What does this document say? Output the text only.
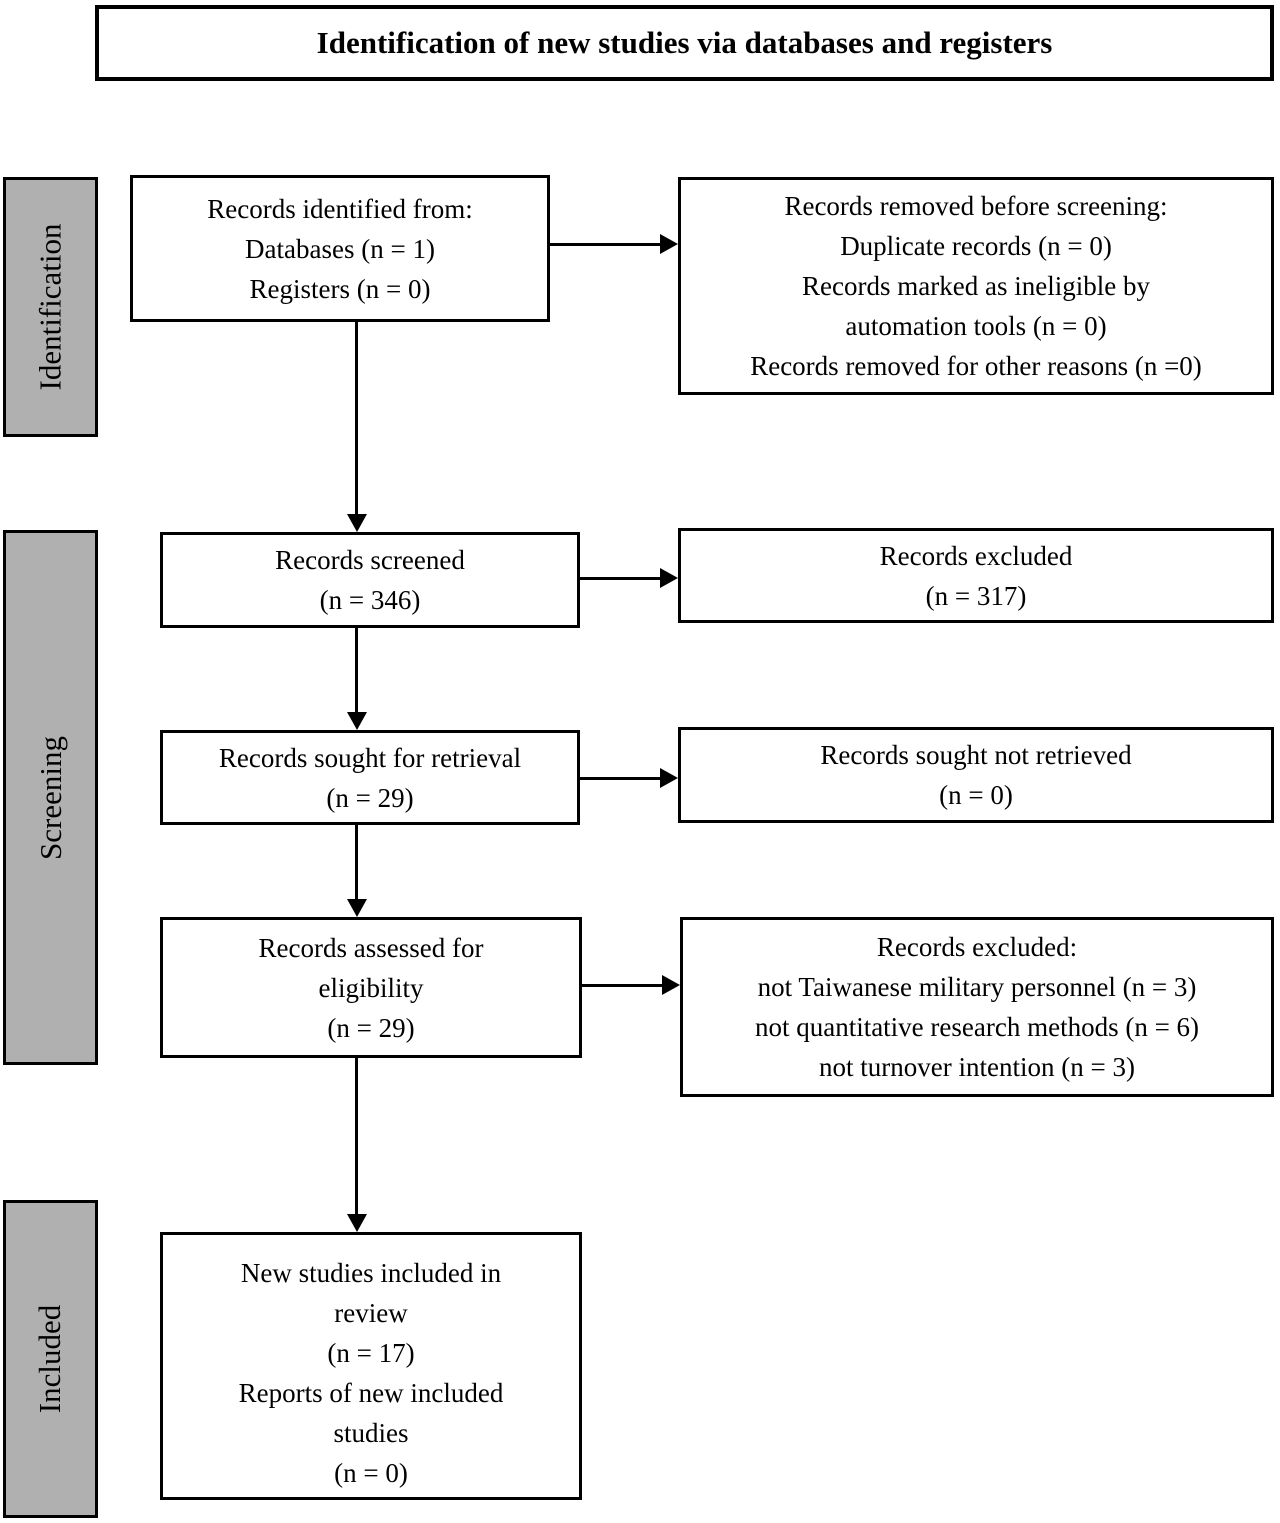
Identification of new studies via databases and registers
Identification
Screening
Included
Records identified from:
Databases (n = 1)
Registers (n = 0)
Records removed before screening:
Duplicate records (n = 0)
Records marked as ineligible by
automation tools (n = 0)
Records removed for other reasons (n =0)
Records screened
(n = 346)
Records excluded
(n = 317)
Records sought for retrieval
(n = 29)
Records sought not retrieved
(n = 0)
Records assessed for
eligibility
(n = 29)
Records excluded:
not Taiwanese military personnel (n = 3)
not quantitative research methods (n = 6)
not turnover intention (n = 3)
New studies included in
review
(n = 17)
Reports of new included
studies
(n = 0)
